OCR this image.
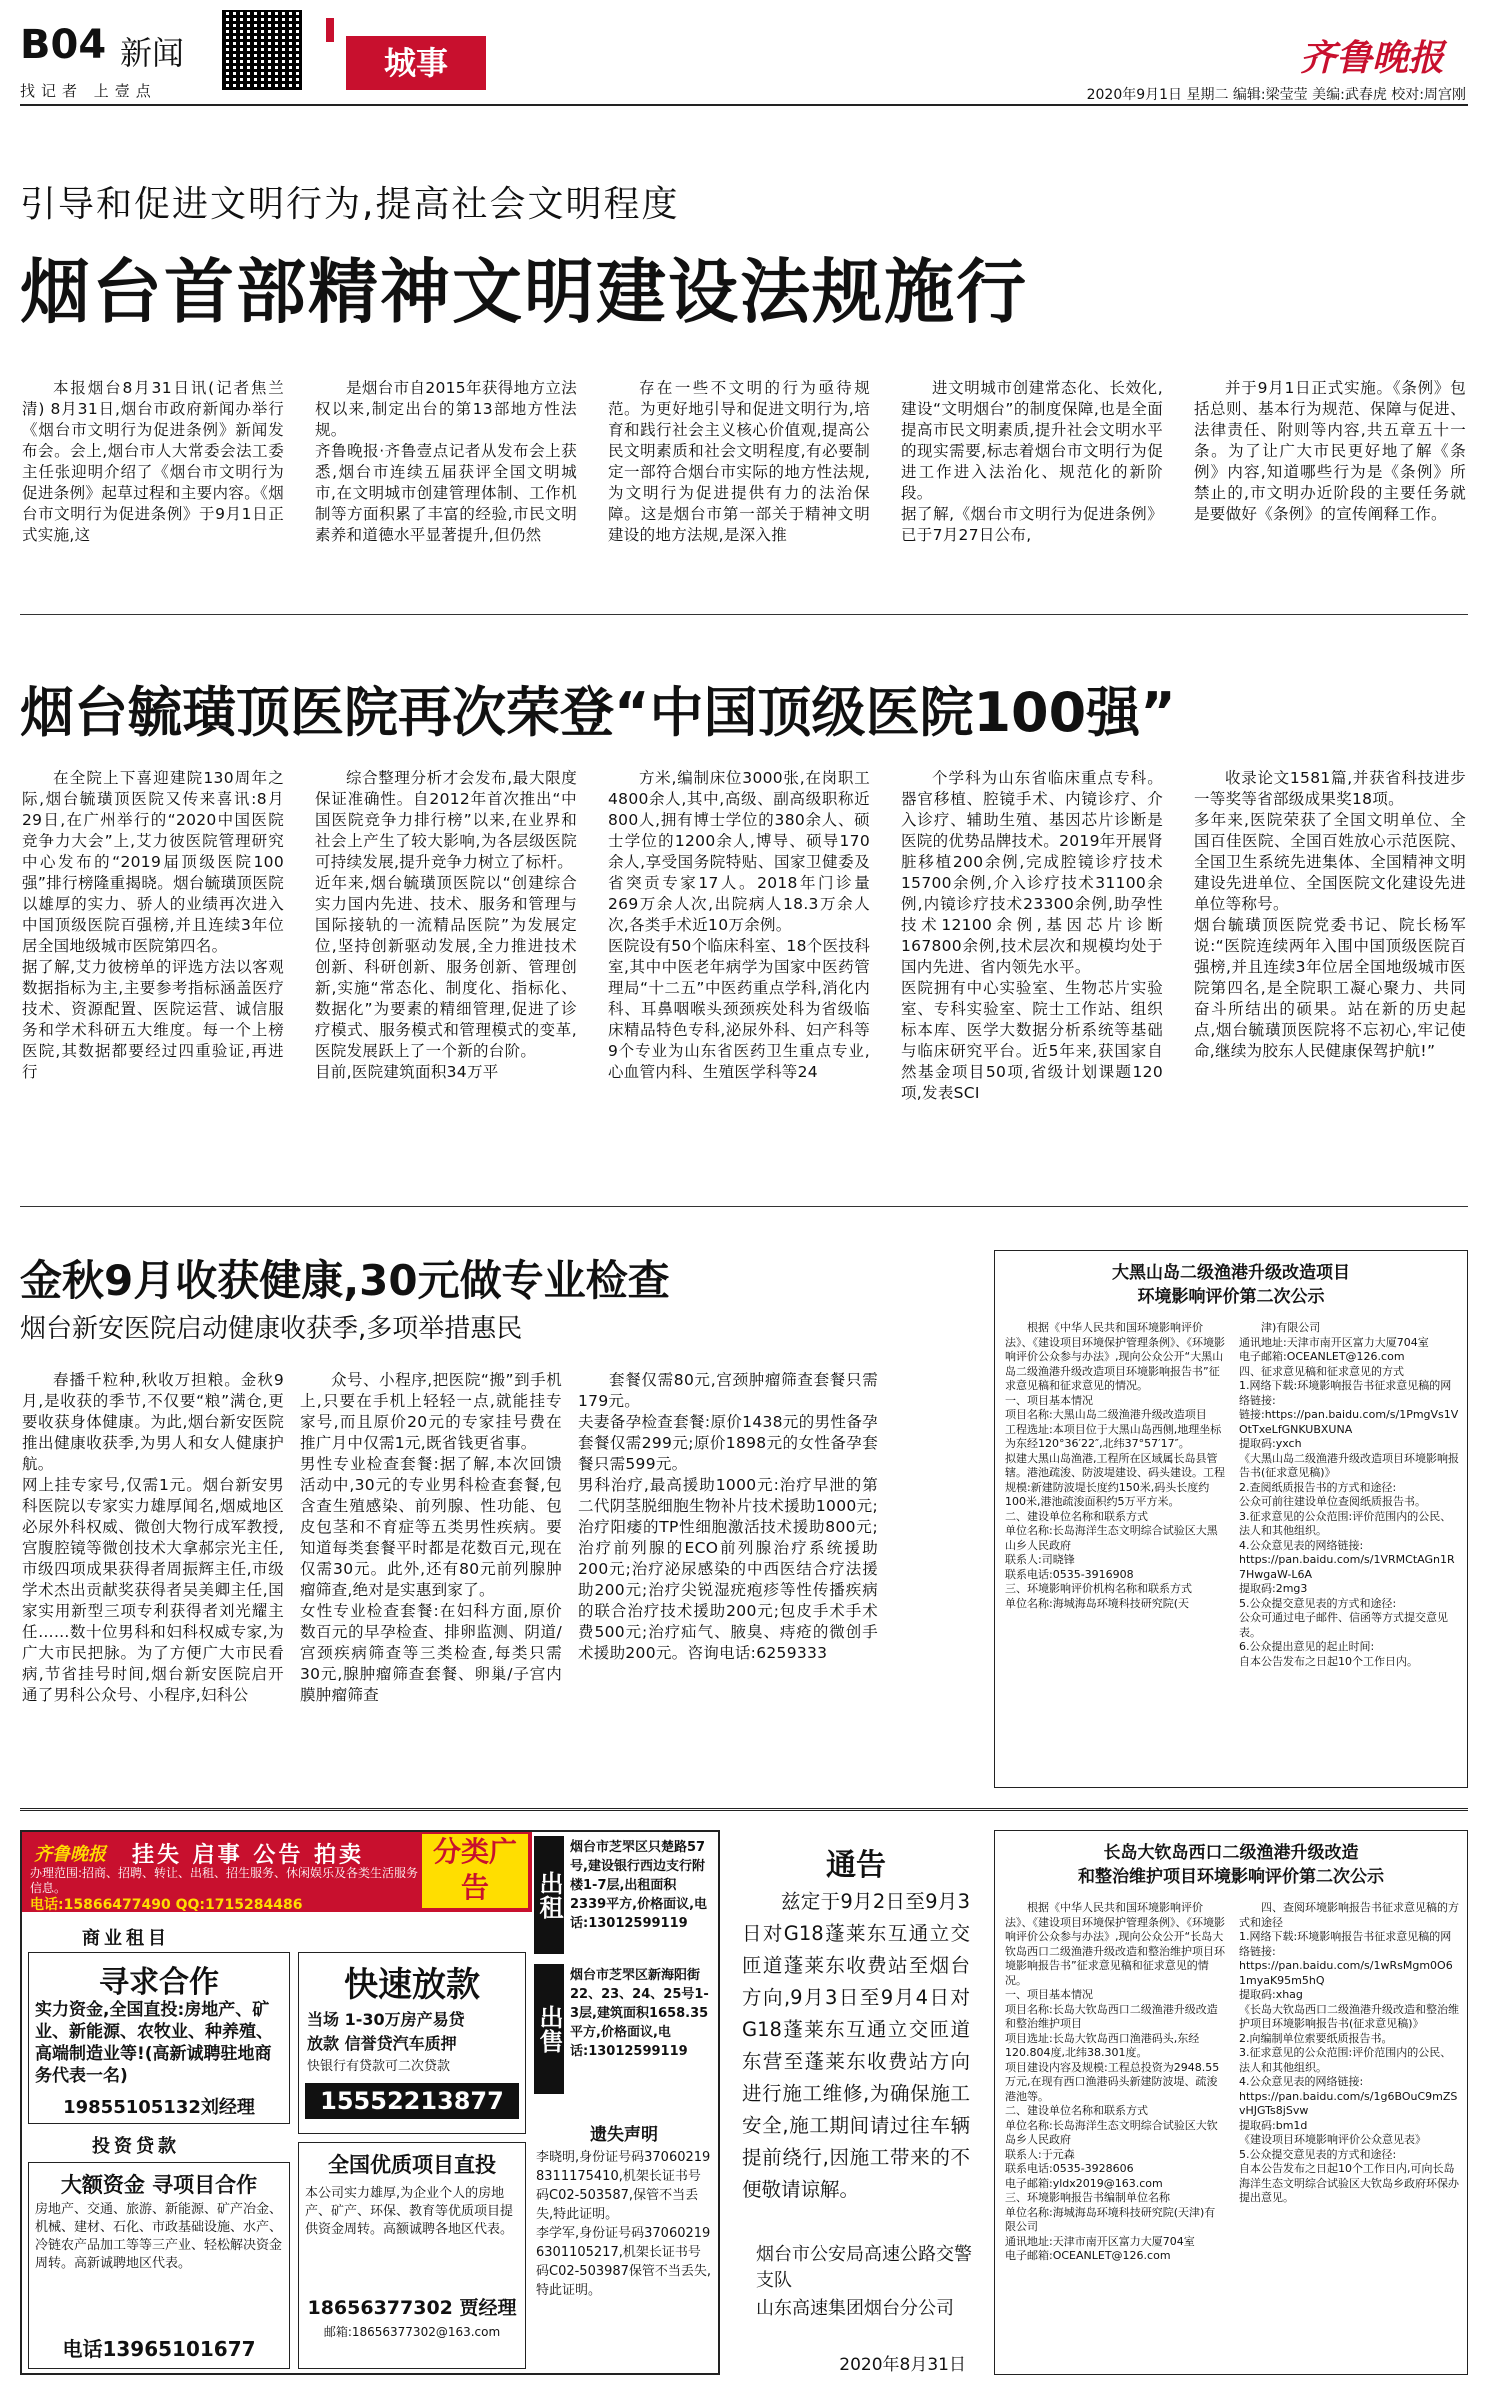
B04 新闻
找记者 上壹点
城事	齐鲁晚报
2020年9月1日 星期二 编辑:梁莹莹 美编:武春虎 校对:周宫刚
引导和促进文明行为,提高社会文明程度
烟台首部精神文明建设法规施行

本报烟台8月31日讯(记者焦兰清) 8月31日,烟台市政府新闻办举行《烟台市文明行为促进条例》新闻发布会。会上,烟台市人大常委会法工委主任张迎明介绍了《烟台市文明行为促进条例》起草过程和主要内容。《烟台市文明行为促进条例》于9月1日正式实施,这

是烟台市自2015年获得地方立法权以来,制定出台的第13部地方性法规。
齐鲁晚报·齐鲁壹点记者从发布会上获悉,烟台市连续五届获评全国文明城市,在文明城市创建管理体制、工作机制等方面积累了丰富的经验,市民文明素养和道德水平显著提升,但仍然

存在一些不文明的行为亟待规范。为更好地引导和促进文明行为,培育和践行社会主义核心价值观,提高公民文明素质和社会文明程度,有必要制定一部符合烟台市实际的地方性法规,为文明行为促进提供有力的法治保障。这是烟台市第一部关于精神文明建设的地方法规,是深入推

进文明城市创建常态化、长效化,建设“文明烟台”的制度保障,也是全面提高市民文明素质,提升社会文明水平的现实需要,标志着烟台市文明行为促进工作进入法治化、规范化的新阶段。
据了解,《烟台市文明行为促进条例》已于7月27日公布,

并于9月1日正式实施。《条例》包括总则、基本行为规范、保障与促进、法律责任、附则等内容,共五章五十一条。为了让广大市民更好地了解《条例》内容,知道哪些行为是《条例》所禁止的,市文明办近阶段的主要任务就是要做好《条例》的宣传阐释工作。

烟台毓璜顶医院再次荣登“中国顶级医院100强”

在全院上下喜迎建院130周年之际,烟台毓璜顶医院又传来喜讯:8月29日,在广州举行的“2020中国医院竞争力大会”上,艾力彼医院管理研究中心发布的“2019届顶级医院100强”排行榜隆重揭晓。烟台毓璜顶医院以雄厚的实力、骄人的业绩再次进入中国顶级医院百强榜,并且连续3年位居全国地级城市医院第四名。
据了解,艾力彼榜单的评选方法以客观数据指标为主,主要参考指标涵盖医疗技术、资源配置、医院运营、诚信服务和学术科研五大维度。每一个上榜医院,其数据都要经过四重验证,再进行

综合整理分析才会发布,最大限度保证准确性。自2012年首次推出“中国医院竞争力排行榜”以来,在业界和社会上产生了较大影响,为各层级医院可持续发展,提升竞争力树立了标杆。
近年来,烟台毓璜顶医院以“创建综合实力国内先进、技术、服务和管理与国际接轨的一流精品医院”为发展定位,坚持创新驱动发展,全力推进技术创新、科研创新、服务创新、管理创新,实施“常态化、制度化、指标化、数据化”为要素的精细管理,促进了诊疗模式、服务模式和管理模式的变革,医院发展跃上了一个新的台阶。
目前,医院建筑面积34万平

方米,编制床位3000张,在岗职工4800余人,其中,高级、副高级职称近800人,拥有博士学位的380余人、硕士学位的1200余人,博导、硕导170余人,享受国务院特贴、国家卫健委及省突贡专家17人。2018年门诊量269万余人次,出院病人18.3万余人次,各类手术近10万余例。
医院设有50个临床科室、18个医技科室,其中中医老年病学为国家中医药管理局“十二五”中医药重点学科,消化内科、耳鼻咽喉头颈颈疾处科为省级临床精品特色专科,泌尿外科、妇产科等9个专业为山东省医药卫生重点专业,心血管内科、生殖医学科等24

个学科为山东省临床重点专科。器官移植、腔镜手术、内镜诊疗、介入诊疗、辅助生殖、基因芯片诊断是医院的优势品牌技术。2019年开展肾脏移植200余例,完成腔镜诊疗技术15700余例,介入诊疗技术31100余例,内镜诊疗技术23300余例,助孕性技术12100余例,基因芯片诊断167800余例,技术层次和规模均处于国内先进、省内领先水平。
医院拥有中心实验室、生物芯片实验室、专科实验室、院士工作站、组织标本库、医学大数据分析系统等基础与临床研究平台。近5年来,获国家自然基金项目50项,省级计划课题120项,发表SCI

收录论文1581篇,并获省科技进步一等奖等省部级成果奖18项。
多年来,医院荣获了全国文明单位、全国百佳医院、全国百姓放心示范医院、全国卫生系统先进集体、全国精神文明建设先进单位、全国医院文化建设先进单位等称号。
烟台毓璜顶医院党委书记、院长杨军说:“医院连续两年入围中国顶级医院百强榜,并且连续3年位居全国地级城市医院第四名,是全院职工凝心聚力、共同奋斗所结出的硕果。站在新的历史起点,烟台毓璜顶医院将不忘初心,牢记使命,继续为胶东人民健康保驾护航!”

金秋9月收获健康,30元做专业检查
烟台新安医院启动健康收获季,多项举措惠民

春播千粒种,秋收万担粮。金秋9月,是收获的季节,不仅要“粮”满仓,更要收获身体健康。为此,烟台新安医院推出健康收获季,为男人和女人健康护航。
网上挂专家号,仅需1元。烟台新安男科医院以专家实力雄厚闻名,烟威地区必尿外科权威、微创大物行成军教授,宫腹腔镜等微创技术大拿郝宗光主任,市级四项成果获得者周振辉主任,市级学术杰出贡献奖获得者吴美卿主任,国家实用新型三项专利获得者刘光耀主任……数十位男科和妇科权威专家,为广大市民把脉。为了方便广大市民看病,节省挂号时间,烟台新安医院启开通了男科公众号、小程序,妇科公

众号、小程序,把医院“搬”到手机上,只要在手机上轻轻一点,就能挂专家号,而且原价20元的专家挂号费在推广月中仅需1元,既省钱更省事。
男性专业检查套餐:据了解,本次回馈活动中,30元的专业男科检查套餐,包含查生殖感染、前列腺、性功能、包皮包茎和不育症等五类男性疾病。要知道每类套餐平时都是花数百元,现在仅需30元。此外,还有80元前列腺肿瘤筛查,绝对是实惠到家了。
女性专业检查套餐:在妇科方面,原价数百元的早孕检查、排卵监测、阴道/宫颈疾病筛查等三类检查,每类只需30元,腺肿瘤筛查套餐、卵巢/子宫内膜肿瘤筛查

套餐仅需80元,宫颈肿瘤筛查套餐只需179元。
夫妻备孕检查套餐:原价1438元的男性备孕套餐仅需299元;原价1898元的女性备孕套餐只需599元。
男科治疗,最高援助1000元:治疗早泄的第二代阴茎脱细胞生物补片技术援助1000元;治疗阳痿的TP性细胞激活技术援助800元;治疗前列腺的ECO前列腺治疗系统援助200元;治疗泌尿感染的中西医结合疗法援助200元;治疗尖锐湿疣疱疹等性传播疾病的联合治疗技术援助200元;包皮手术手术费500元;治疗疝气、腋臭、痔疮的微创手术援助200元。咨询电话:6259333

大黑山岛二级渔港升级改造项目
环境影响评价第二次公示

根据《中华人民共和国环境影响评价法》、《建设项目环境保护管理条例》、《环境影响评价公众参与办法》,现向公众公开“大黑山岛二级渔港升级改造项目环境影响报告书”征求意见稿和征求意见的情况。
一、项目基本情况
项目名称:大黑山岛二级渔港升级改造项目
工程选址:本项目位于大黑山岛西侧,地理坐标为东经120°36′22″,北纬37°57′17″。
拟建大黑山岛渔港,工程所在区域属长岛县管辖。港池疏浚、防波堤建设、码头建设。工程规模:新建防波堤长度约150米,码头长度约100米,港池疏浚面积约5万平方米。
二、建设单位名称和联系方式
单位名称:长岛海洋生态文明综合试验区大黑山乡人民政府
联系人:司晓锋
联系电话:0535-3916908
三、环境影响评价机构名称和联系方式
单位名称:海城海岛环境科技研究院(天

津)有限公司
通讯地址:天津市南开区富力大厦704室
电子邮箱:OCEANLET@126.com
四、征求意见稿和征求意见的方式
1.网络下载:环境影响报告书征求意见稿的网络链接:
链接:https://pan.baidu.com/s/1PmgVs1VOtTxeLfGNKUBXUNA
提取码:yxch
《大黑山岛二级渔港升级改造项目环境影响报告书(征求意见稿)》
2.查阅纸质报告书的方式和途径:
公众可前往建设单位查阅纸质报告书。
3.征求意见的公众范围:评价范围内的公民、法人和其他组织。
4.公众意见表的网络链接:
https://pan.baidu.com/s/1VRMCtAGn1R7HwgaW-L6A
提取码:2mg3
5.公众提交意见表的方式和途径:
公众可通过电子邮件、信函等方式提交意见表。
6.公众提出意见的起止时间:
自本公告发布之日起10个工作日内。

齐鲁晚报 挂失 启事 公告 拍卖
办理范围:招商、招聘、转让、出租、招生服务、休闲娱乐及各类生活服务信息。
电话:15866477490 QQ:1715284486
分类广告
商业租目
寻求合作
实力资金,全国直投:房地产、矿业、新能源、农牧业、种养殖、高端制造业等!(高新诚聘驻地商务代表一名)
19855105132刘经理
投资贷款
大额资金 寻项目合作
房地产、交通、旅游、新能源、矿产冶金、机械、建材、石化、市政基础设施、水产、冷链农产品加工等等三产业、轻松解决资金周转。高新诚聘地区代表。
电话13965101677
快速放款
当场 1-30万房产易贷
放款 信誉贷汽车质押
快银行有贷款可二次贷款
15552213877
全国优质项目直投
本公司实力雄厚,为企业个人的房地产、矿产、环保、教育等优质项目提供资金周转。高额诚聘各地区代表。
18656377302 贾经理
邮箱:18656377302@163.com
出租
烟台市芝罘区只楚路57号,建设银行西边支行附楼1-7层,出租面积2339平方,价格面议,电话:13012599119
出售
烟台市芝罘区新海阳街22、23、24、25号1-3层,建筑面积1658.35平方,价格面议,电话:13012599119
遗失声明
李晓明,身份证号码370602198311175410,机架长证书号码C02-503587,保管不当丢失,特此证明。
李学军,身份证号码370602196301105217,机架长证书号码C02-503987保管不当丢失,特此证明。
通告
兹定于9月2日至9月3日对G18蓬莱东互通立交匝道蓬莱东收费站至烟台方向,9月3日至9月4日对G18蓬莱东互通立交匝道东营至蓬莱东收费站方向进行施工维修,为确保施工安全,施工期间请过往车辆提前绕行,因施工带来的不便敬请谅解。
烟台市公安局高速公路交警支队
山东高速集团烟台分公司
2020年8月31日
长岛大钦岛西口二级渔港升级改造
和整治维护项目环境影响评价第二次公示

根据《中华人民共和国环境影响评价法》、《建设项目环境保护管理条例》、《环境影响评价公众参与办法》,现向公众公开“长岛大钦岛西口二级渔港升级改造和整治维护项目环境影响报告书”征求意见稿和征求意见的情况。
一、项目基本情况
项目名称:长岛大钦岛西口二级渔港升级改造和整治维护项目
项目选址:长岛大钦岛西口渔港码头,东经120.804度,北纬38.301度。
项目建设内容及规模:工程总投资为2948.55万元,在现有西口渔港码头新建防波堤、疏浚港池等。
二、建设单位名称和联系方式
单位名称:长岛海洋生态文明综合试验区大钦岛乡人民政府
联系人:于元森
联系电话:0535-3928606
电子邮箱:yldx2019@163.com
三、环境影响报告书编制单位名称
单位名称:海城海岛环境科技研究院(天津)有限公司
通讯地址:天津市南开区富力大厦704室
电子邮箱:OCEANLET@126.com

四、查阅环境影响报告书征求意见稿的方式和途径
1.网络下载:环境影响报告书征求意见稿的网络链接:
https://pan.baidu.com/s/1wRsMgm0O61myaK95m5hQ
提取码:xhag
《长岛大钦岛西口二级渔港升级改造和整治维护项目环境影响报告书(征求意见稿)》
2.向编制单位索要纸质报告书。
3.征求意见的公众范围:评价范围内的公民、法人和其他组织。
4.公众意见表的网络链接:
https://pan.baidu.com/s/1g6BOuC9mZSvHJGTs8jSvw
提取码:bm1d
《建设项目环境影响评价公众意见表》
5.公众提交意见表的方式和途径:
自本公告发布之日起10个工作日内,可向长岛海洋生态文明综合试验区大钦岛乡政府环保办提出意见。
